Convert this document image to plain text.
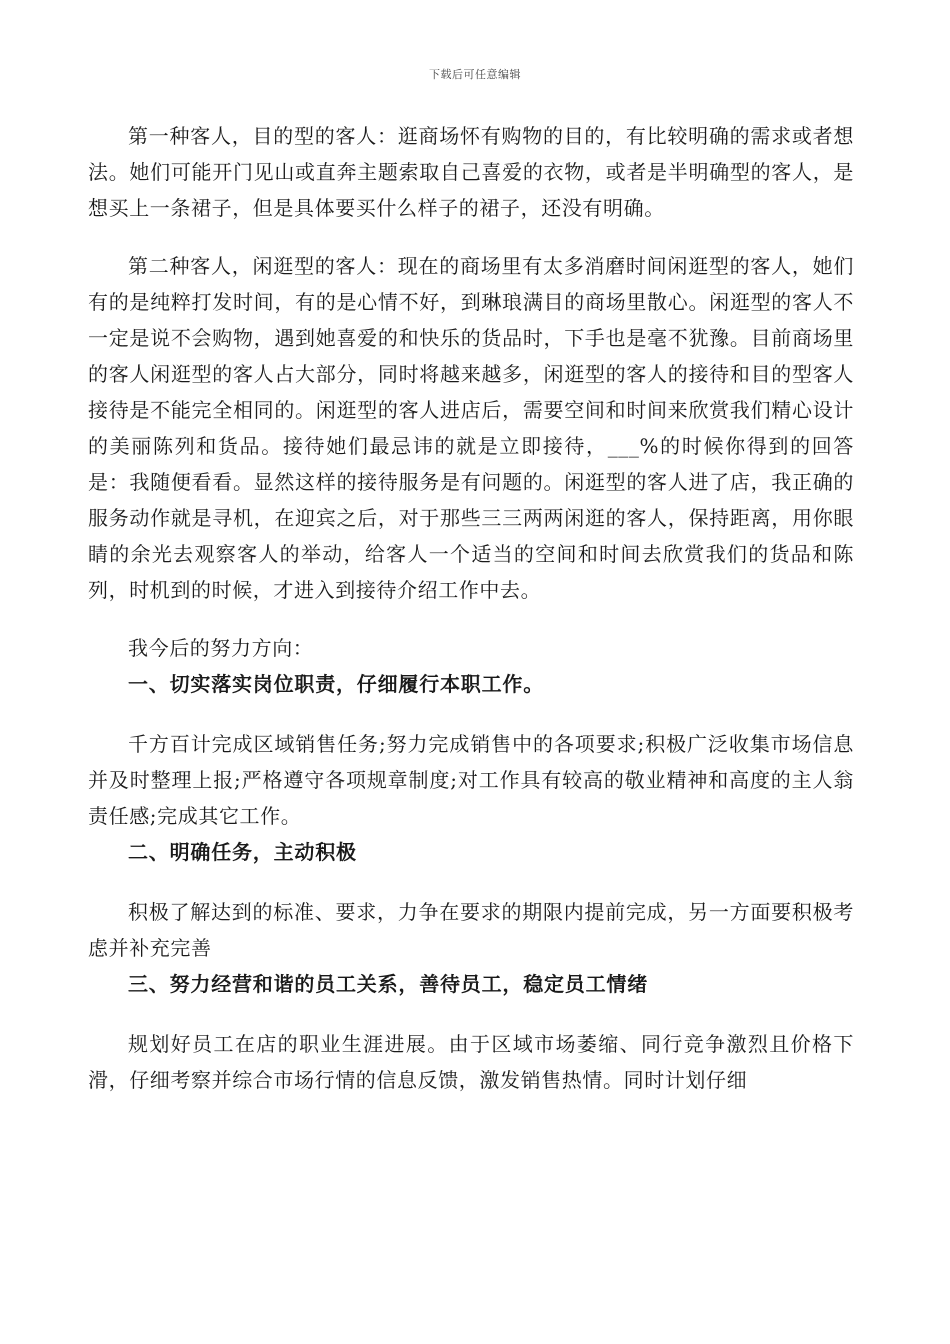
下载后可任意编辑

第一种客人，目的型的客人：逛商场怀有购物的目的，有比较明确的需求或者想法。她们可能开门见山或直奔主题索取自己喜爱的衣物，或者是半明确型的客人，是想买上一条裙子，但是具体要买什么样子的裙子，还没有明确。

第二种客人，闲逛型的客人：现在的商场里有太多消磨时间闲逛型的客人，她们有的是纯粹打发时间，有的是心情不好，到琳琅满目的商场里散心。闲逛型的客人不一定是说不会购物，遇到她喜爱的和快乐的货品时，下手也是毫不犹豫。目前商场里的客人闲逛型的客人占大部分，同时将越来越多，闲逛型的客人的接待和目的型客人接待是不能完全相同的。闲逛型的客人进店后，需要空间和时间来欣赏我们精心设计的美丽陈列和货品。接待她们最忌讳的就是立即接待，___%的时候你得到的回答是：我随便看看。显然这样的接待服务是有问题的。闲逛型的客人进了店，我正确的服务动作就是寻机，在迎宾之后，对于那些三三两两闲逛的客人，保持距离，用你眼睛的余光去观察客人的举动，给客人一个适当的空间和时间去欣赏我们的货品和陈列，时机到的时候，才进入到接待介绍工作中去。

我今后的努力方向：

一、切实落实岗位职责，仔细履行本职工作。

千方百计完成区域销售任务;努力完成销售中的各项要求;积极广泛收集市场信息并及时整理上报;严格遵守各项规章制度;对工作具有较高的敬业精神和高度的主人翁责任感;完成其它工作。

二、明确任务，主动积极

积极了解达到的标准、要求，力争在要求的期限内提前完成，另一方面要积极考虑并补充完善

三、努力经营和谐的员工关系，善待员工，稳定员工情绪

规划好员工在店的职业生涯进展。由于区域市场萎缩、同行竞争激烈且价格下滑，仔细考察并综合市场行情的信息反馈，激发销售热情。同时计划仔细
